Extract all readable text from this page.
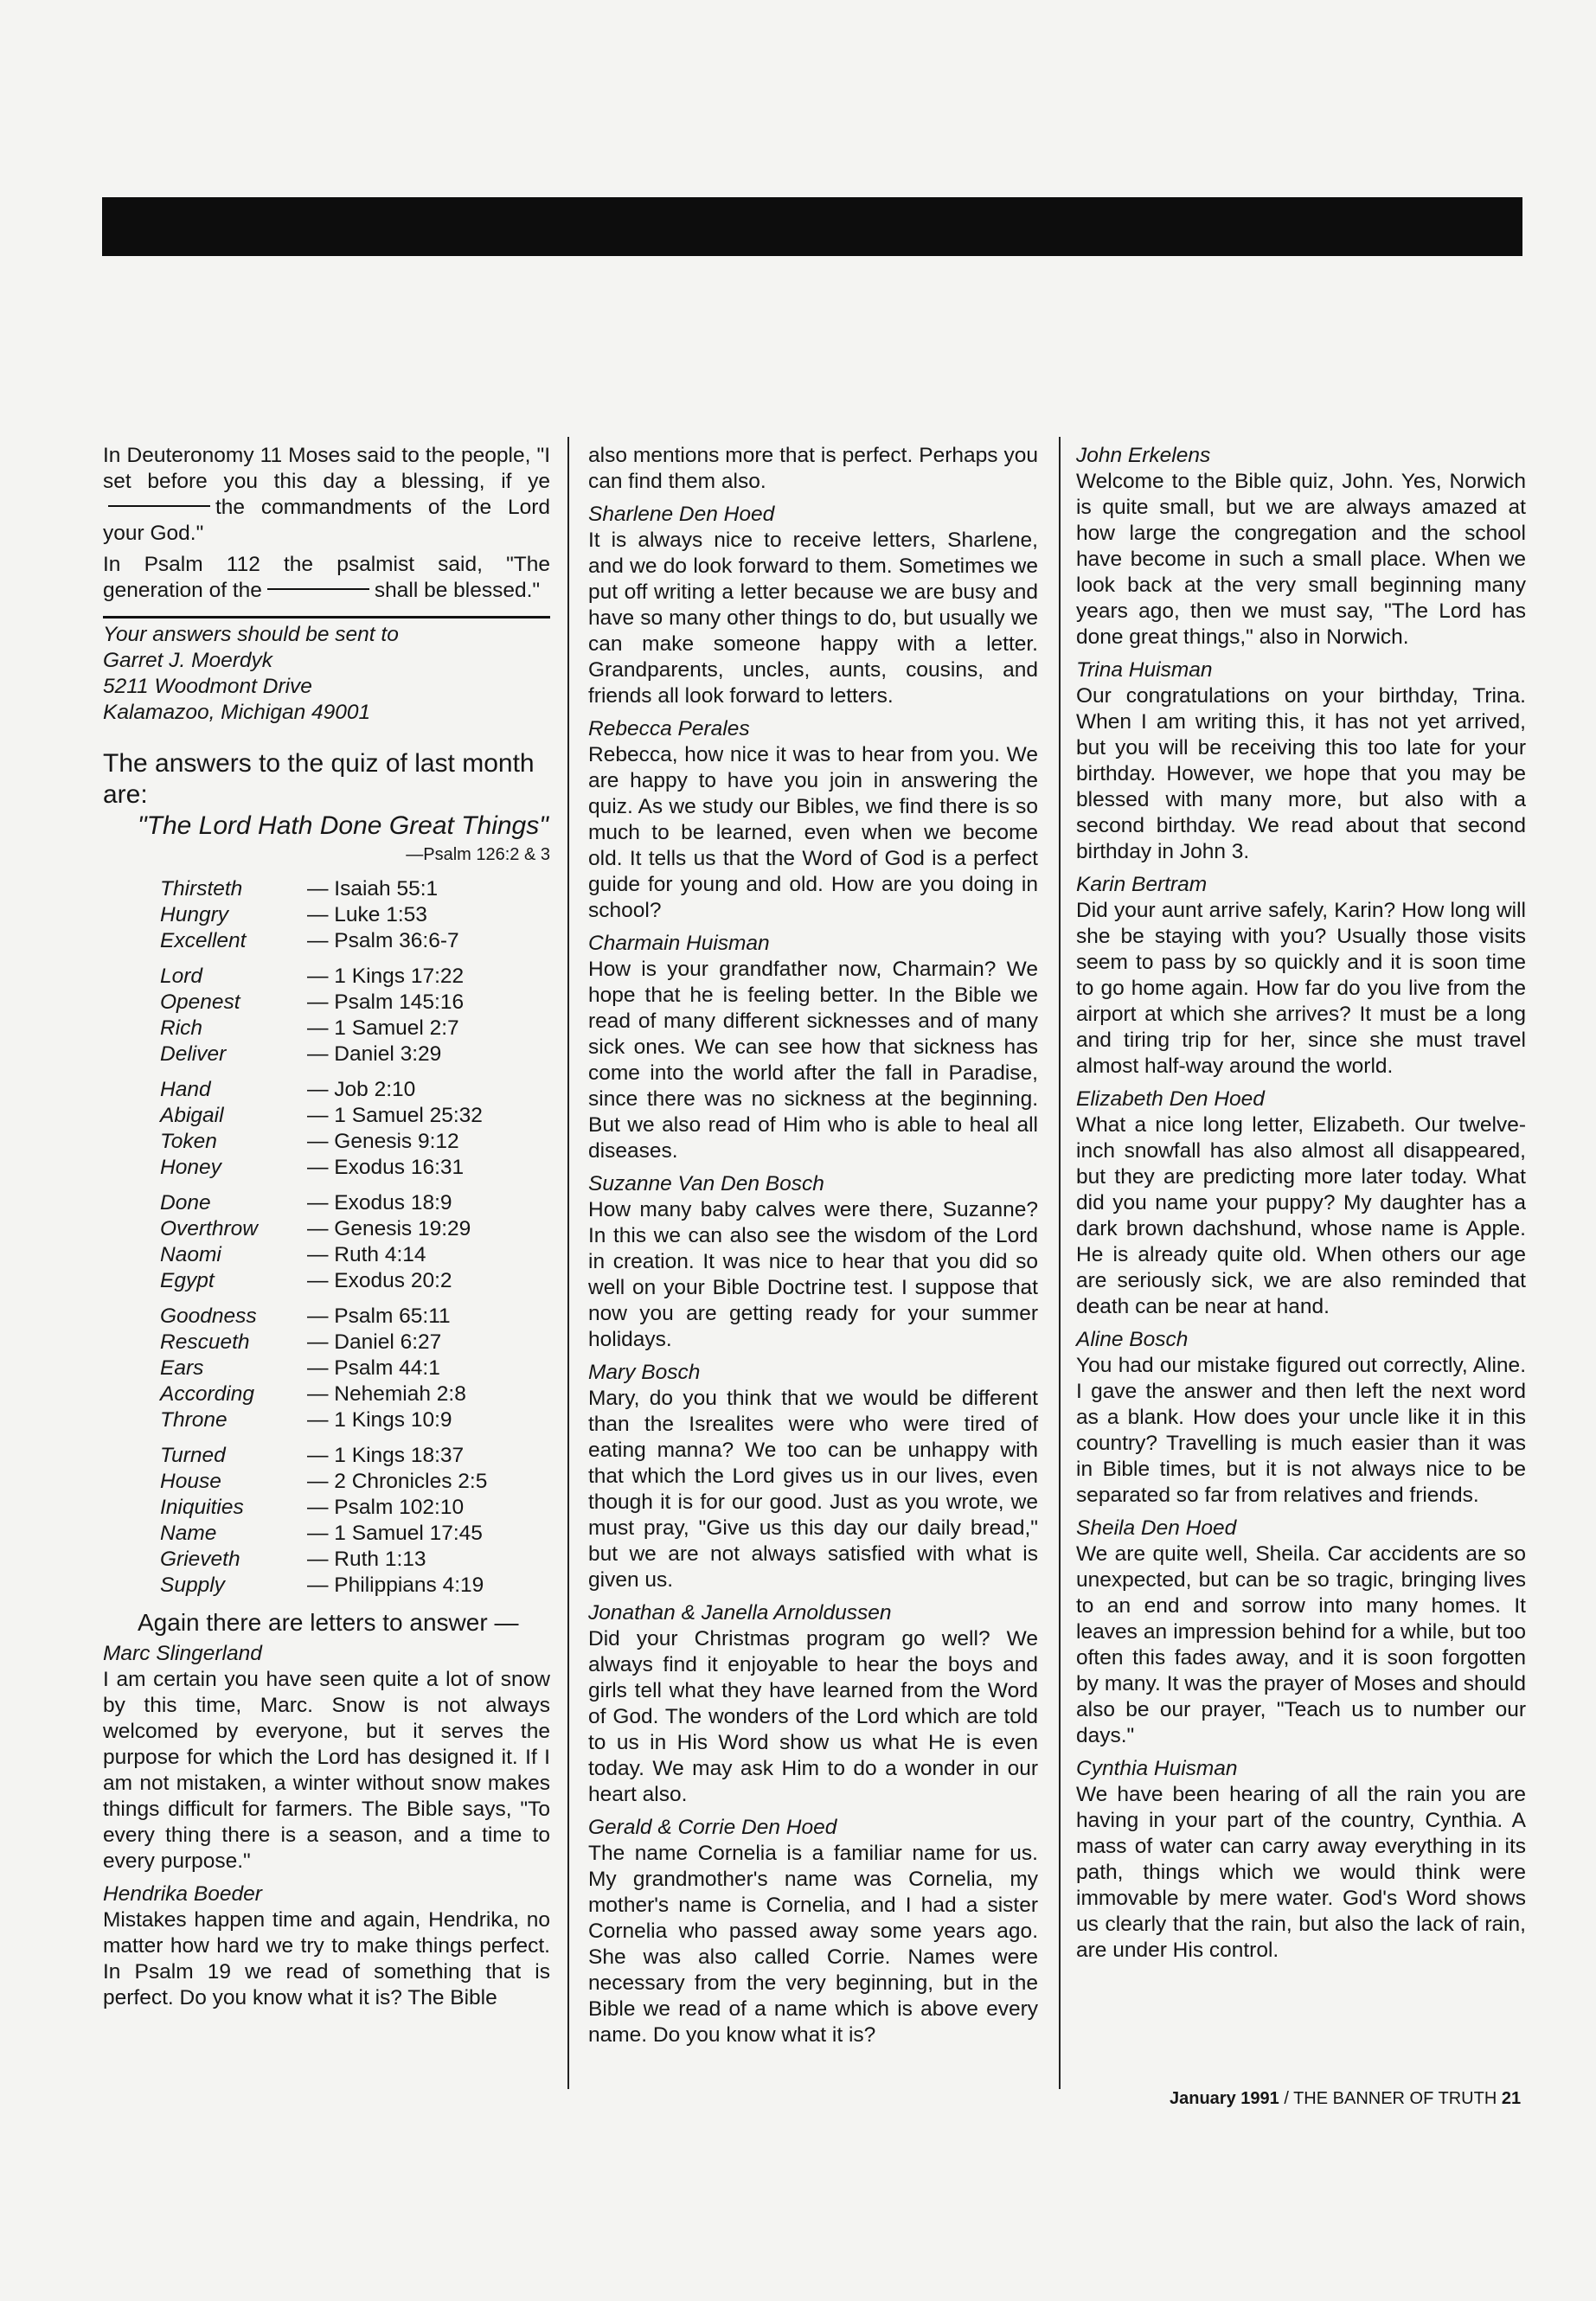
In Deuteronomy 11 Moses said to the people, "I set before you this day a blessing, if yethe commandments of the Lord your God."

In Psalm 112 the psalmist said, "The generation of the	shall be blessed."

Your answers should be sent to
Garret J. Moerdyk
5211 Woodmont Drive
Kalamazoo, Michigan 49001

The answers to the quiz of last month are:

"The Lord Hath Done Great Things"

—Psalm 126:2 & 3

Thirsteth	— Isaiah 55:1
Hungry	— Luke 1:53
Excellent	— Psalm 36:6-7
Lord	— 1 Kings 17:22
Openest	— Psalm 145:16
Rich	— 1 Samuel 2:7
Deliver	— Daniel 3:29
Hand	— Job 2:10
Abigail	— 1 Samuel 25:32
Token	— Genesis 9:12
Honey	— Exodus 16:31
Done	— Exodus 18:9
Overthrow	— Genesis 19:29
Naomi	— Ruth 4:14
Egypt	— Exodus 20:2
Goodness	— Psalm 65:11
Rescueth	— Daniel 6:27
Ears	— Psalm 44:1
According	— Nehemiah 2:8
Throne	— 1 Kings 10:9
Turned	— 1 Kings 18:37
House	— 2 Chronicles 2:5
Iniquities	— Psalm 102:10
Name	— 1 Samuel 17:45
Grieveth	— Ruth 1:13
Supply	— Philippians 4:19

Again there are letters to answer —

Marc Slingerland

I am certain you have seen quite a lot of snow by this time, Marc. Snow is not always welcomed by everyone, but it serves the purpose for which the Lord has designed it. If I am not mistaken, a winter without snow makes things difficult for farmers. The Bible says, "To every thing there is a season, and a time to every purpose."

Hendrika Boeder

Mistakes happen time and again, Hendrika, no matter how hard we try to make things perfect. In Psalm 19 we read of something that is perfect. Do you know what it is? The Bible

also mentions more that is perfect. Perhaps you can find them also.

Sharlene Den Hoed

It is always nice to receive letters, Sharlene, and we do look forward to them. Sometimes we put off writing a letter because we are busy and have so many other things to do, but usually we can make someone happy with a letter. Grandparents, uncles, aunts, cousins, and friends all look forward to letters.

Rebecca Perales

Rebecca, how nice it was to hear from you. We are happy to have you join in answering the quiz. As we study our Bibles, we find there is so much to be learned, even when we become old. It tells us that the Word of God is a perfect guide for young and old. How are you doing in school?

Charmain Huisman

How is your grandfather now, Charmain? We hope that he is feeling better. In the Bible we read of many different sicknesses and of many sick ones. We can see how that sickness has come into the world after the fall in Paradise, since there was no sickness at the beginning. But we also read of Him who is able to heal all diseases.

Suzanne Van Den Bosch

How many baby calves were there, Suzanne? In this we can also see the wisdom of the Lord in creation. It was nice to hear that you did so well on your Bible Doctrine test. I suppose that now you are getting ready for your summer holidays.

Mary Bosch

Mary, do you think that we would be different than the Isrealites were who were tired of eating manna? We too can be unhappy with that which the Lord gives us in our lives, even though it is for our good. Just as you wrote, we must pray, "Give us this day our daily bread," but we are not always satisfied with what is given us.

Jonathan & Janella Arnoldussen

Did your Christmas program go well? We always find it enjoyable to hear the boys and girls tell what they have learned from the Word of God. The wonders of the Lord which are told to us in His Word show us what He is even today. We may ask Him to do a wonder in our heart also.

Gerald & Corrie Den Hoed

The name Cornelia is a familiar name for us. My grandmother's name was Cornelia, my mother's name is Cornelia, and I had a sister Cornelia who passed away some years ago. She was also called Corrie. Names were necessary from the very beginning, but in the Bible we read of a name which is above every name. Do you know what it is?

John Erkelens

Welcome to the Bible quiz, John. Yes, Norwich is quite small, but we are always amazed at how large the congregation and the school have become in such a small place. When we look back at the very small beginning many years ago, then we must say, "The Lord has done great things," also in Norwich.

Trina Huisman

Our congratulations on your birthday, Trina. When I am writing this, it has not yet arrived, but you will be receiving this too late for your birthday. However, we hope that you may be blessed with many more, but also with a second birthday. We read about that second birthday in John 3.

Karin Bertram

Did your aunt arrive safely, Karin? How long will she be staying with you? Usually those visits seem to pass by so quickly and it is soon time to go home again. How far do you live from the airport at which she arrives? It must be a long and tiring trip for her, since she must travel almost half-way around the world.

Elizabeth Den Hoed

What a nice long letter, Elizabeth. Our twelve-inch snowfall has also almost all disappeared, but they are predicting more later today. What did you name your puppy? My daughter has a dark brown dachshund, whose name is Apple. He is already quite old. When others our age are seriously sick, we are also reminded that death can be near at hand.

Aline Bosch

You had our mistake figured out correctly, Aline. I gave the answer and then left the next word as a blank. How does your uncle like it in this country? Travelling is much easier than it was in Bible times, but it is not always nice to be separated so far from relatives and friends.

Sheila Den Hoed

We are quite well, Sheila. Car accidents are so unexpected, but can be so tragic, bringing lives to an end and sorrow into many homes. It leaves an impression behind for a while, but too often this fades away, and it is soon forgotten by many. It was the prayer of Moses and should also be our prayer, "Teach us to number our days."

Cynthia Huisman

We have been hearing of all the rain you are having in your part of the country, Cynthia. A mass of water can carry away everything in its path, things which we would think were immovable by mere water. God's Word shows us clearly that the rain, but also the lack of rain, are under His control.

January 1991 / THE BANNER OF TRUTH 21
